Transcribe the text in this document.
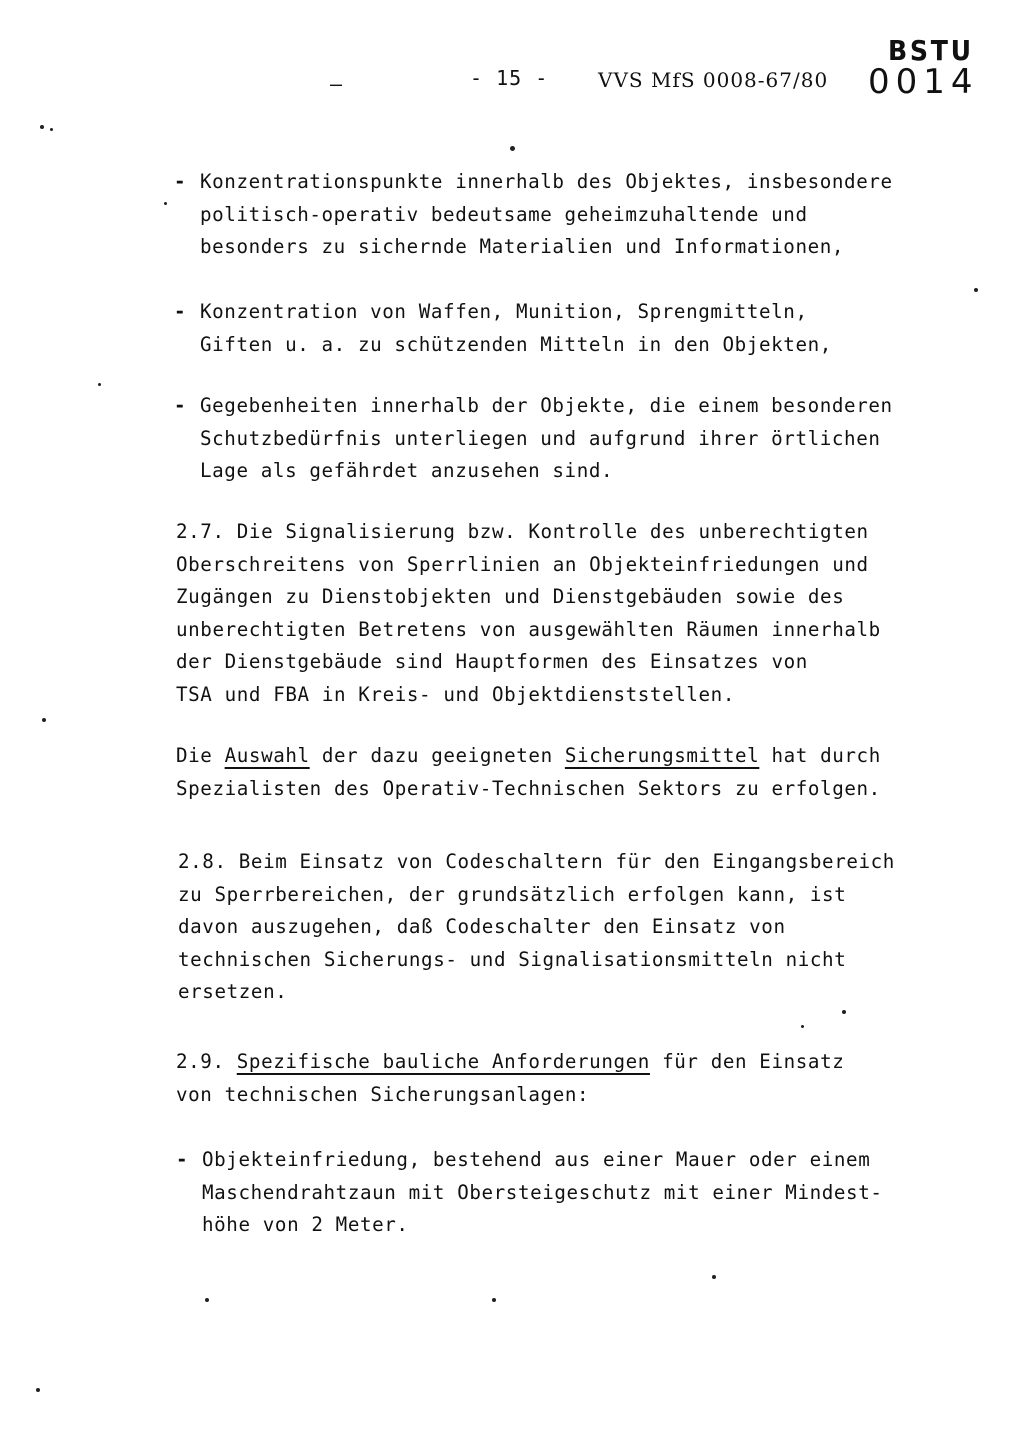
–	- 15 - VVS MfS 0008-67/80
BSTU
0014
- Konzentrationspunkte innerhalb des Objektes, insbesondere
politisch-operativ bedeutsame geheimzuhaltende und
besonders zu sichernde Materialien und Informationen,
- Konzentration von Waffen, Munition, Sprengmitteln,
Giften u. a. zu schützenden Mitteln in den Objekten,
- Gegebenheiten innerhalb der Objekte, die einem besonderen
Schutzbedürfnis unterliegen und aufgrund ihrer örtlichen
Lage als gefährdet anzusehen sind.
2.7. Die Signalisierung bzw. Kontrolle des unberechtigten
Oberschreitens von Sperrlinien an Objekteinfriedungen und
Zugängen zu Dienstobjekten und Dienstgebäuden sowie des
unberechtigten Betretens von ausgewählten Räumen innerhalb
der Dienstgebäude sind Hauptformen des Einsatzes von
TSA und FBA in Kreis- und Objektdienststellen.
Die Auswahl der dazu geeigneten Sicherungsmittel hat durch
Spezialisten des Operativ-Technischen Sektors zu erfolgen.
2.8. Beim Einsatz von Codeschaltern für den Eingangsbereich
zu Sperrbereichen, der grundsätzlich erfolgen kann, ist
davon auszugehen, daß Codeschalter den Einsatz von
technischen Sicherungs- und Signalisationsmitteln nicht
ersetzen.
2.9. Spezifische bauliche Anforderungen für den Einsatz
von technischen Sicherungsanlagen:
- Objekteinfriedung, bestehend aus einer Mauer oder einem
Maschendrahtzaun mit Obersteigeschutz mit einer Mindest-
höhe von 2 Meter.
